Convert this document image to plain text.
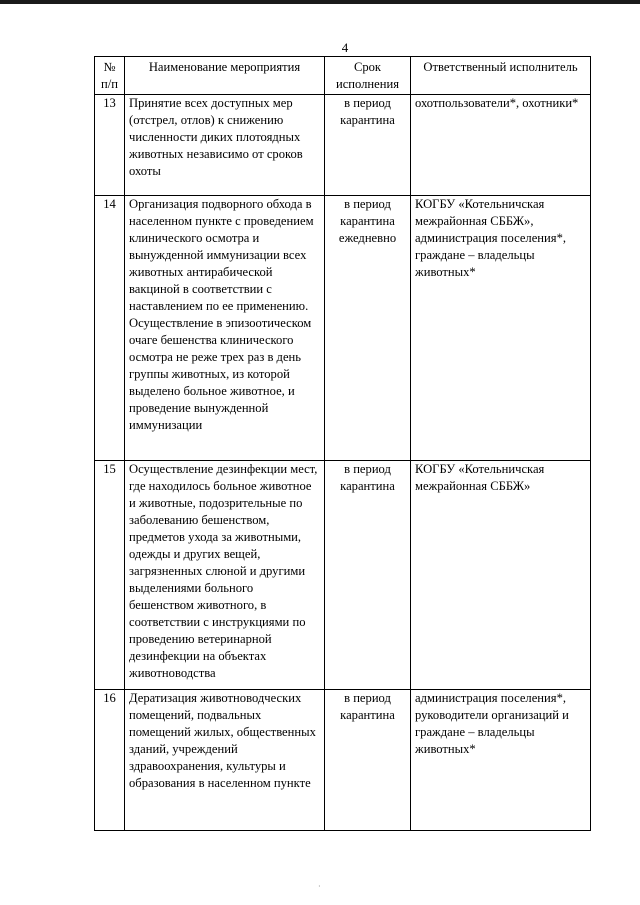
4
№ п/п	Наименование мероприятия	Срок исполнения	Ответственный исполнитель
13	Принятие всех доступных мер (отстрел, отлов) к снижению численности диких плотоядных животных независимо от сроков охоты	в период карантина	охотпользователи*, охотники*
14	Организация подворного обхода в населенном пункте с проведением клинического осмотра и вынужденной иммунизации всех животных антирабической вакциной в соответствии с наставлением по ее применению. Осуществление в эпизоотическом очаге бешенства клинического осмотра не реже трех раз в день группы животных, из которой выделено больное животное, и проведение вынужденной иммунизации	в период карантина ежедневно	КОГБУ «Котельничская межрайонная СББЖ», администрация поселения*, граждане – владельцы животных*
15	Осуществление дезинфекции мест, где находилось больное животное и животные, подозрительные по заболеванию бешенством, предметов ухода за животными, одежды и других вещей, загрязненных слюной и другими выделениями больного бешенством животного, в соответствии с инструкциями по проведению ветеринарной дезинфекции на объектах животноводства	в период карантина	КОГБУ «Котельничская межрайонная СББЖ»
16	Дератизация животноводческих помещений, подвальных помещений жилых, общественных зданий, учреждений здравоохранения, культуры и образования в населенном пункте	в период карантина	администрация поселения*, руководители организаций и граждане – владельцы животных*
·
